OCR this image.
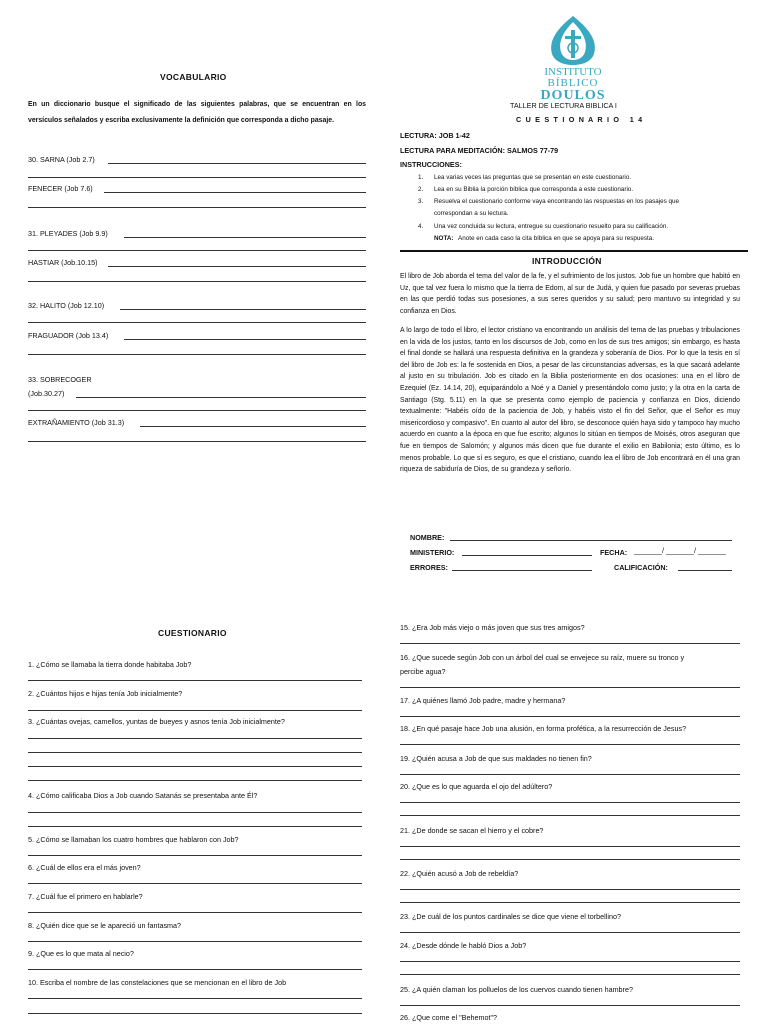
INSTITUTO
BÍBLICO
DOULOS
TALLER DE LECTURA BIBLICA I
C U E S T I O N A R I O   1 4
LECTURA: JOB 1-42
LECTURA PARA MEDITACIÓN: SALMOS 77-79
INSTRUCCIONES:
1. Lea varias veces las preguntas que se presentan en este cuestionario.
2. Lea en su Biblia la porción bíblica que corresponda a este cuestionario.
3. Resuelva el cuestionario conforme vaya encontrando las respuestas en los pasajes que
correspondan a su lectura.
4. Una vez concluida su lectura, entregue su cuestionario resuelto para su calificación.
NOTA: Anote en cada caso la cita bíblica en que se apoya para su respuesta.
VOCABULARIO
En un diccionario busque el significado de las siguientes palabras, que se encuentran en los versículos señalados y escriba exclusivamente la definición que corresponda a dicho pasaje.
30. SARNA (Job 2.7)
FENECER (Job 7.6)
31. PLEYADES (Job 9.9)
HASTIAR (Job.10.15)
32. HALITO (Job 12.10)
FRAGUADOR (Job 13.4)
33. SOBRECOGER
(Job.30.27)
EXTRAÑAMIENTO (Job 31.3)
INTRODUCCIÓN
El libro de Job aborda el tema del valor de la fe, y el sufrimiento de los justos. Job fue un hombre que habitó en Uz, que tal vez fuera lo mismo que la tierra de Edom, al sur de Judá, y quien fue pasado por severas pruebas en las que perdió todas sus posesiones, a sus seres queridos y su salud; pero mantuvo su integridad y su confianza en Dios.
A lo largo de todo el libro, el lector cristiano va encontrando un análisis del tema de las pruebas y tribulaciones en la vida de los justos, tanto en los discursos de Job, como en los de sus tres amigos; sin embargo, es hasta el final donde se hallará una respuesta definitiva en la grandeza y soberanía de Dios. Por lo que la tesis en sí del libro de Job es: la fe sostenida en Dios, a pesar de las circunstancias adversas, es la que sacará adelante al justo en su tribulación. Job es citado en la Biblia posteriormente en dos ocasiones: una en el libro de Ezequiel (Ez. 14.14, 20), equiparándolo a Noé y a Daniel y presentándolo como justo; y la otra en la carta de Santiago (Stg. 5.11) en la que se presenta como ejemplo de paciencia y confianza en Dios, diciendo textualmente: "Habéis oído de la paciencia de Job, y habéis visto el fin del Señor, que el Señor es muy misericordioso y compasivo". En cuanto al autor del libro, se desconoce quién haya sido y tampoco hay mucho acuerdo en cuanto a la época en que fue escrito; algunos lo sitúan en tiempos de Moisés, otros aseguran que fue en tiempos de Salomón; y algunos más dicen que fue durante el exilio en Babilonia; esto último, es lo menos probable. Lo que sí es seguro, es que el cristiano, cuando lea el libro de Job encontrará en él una gran riqueza de sabiduría de Dios, de su grandeza y señorío.
NOMBRE:
MINISTERIO:	FECHA: _______/ _______/ _______
ERRORES:	CALIFICACIÓN:
CUESTIONARIO
1. ¿Cómo se llamaba la tierra donde habitaba Job?
2. ¿Cuántos hijos e hijas tenía Job inicialmente?
3. ¿Cuántas ovejas, camellos, yuntas de bueyes y asnos tenía Job inicialmente?
4. ¿Cómo calificaba Dios a Job cuando Satanás se presentaba ante Él?
5. ¿Cómo se llamaban los cuatro hombres que hablaron con Job?
6. ¿Cuál de ellos era el más joven?
7. ¿Cuál fue el primero en hablarle?
8. ¿Quién dice que se le apareció un fantasma?
9. ¿Que es lo que mata al necio?
10. Escriba el nombre de las constelaciones que se mencionan en el libro de Job
15. ¿Era Job más viejo o más joven que sus tres amigos?
16. ¿Que sucede según Job con un árbol del cual se envejece su raíz, muere su tronco y
percibe agua?
17. ¿A quiénes llamó Job padre, madre y hermana?
18. ¿En qué pasaje hace Job una alusión, en forma profética, a la resurrección de Jesus?
19. ¿Quién acusa a Job de que sus maldades no tienen fin?
20. ¿Que es lo que aguarda el ojo del adúltero?
21. ¿De donde se sacan el hierro y el cobre?
22. ¿Quién acusó a Job de rebeldía?
23. ¿De cuál de los puntos cardinales se dice que viene el torbellino?
24. ¿Desde dónde le habló Dios a Job?
25. ¿A quién claman los polluelos de los cuervos cuando tienen hambre?
26. ¿Que come el "Behemot"?
